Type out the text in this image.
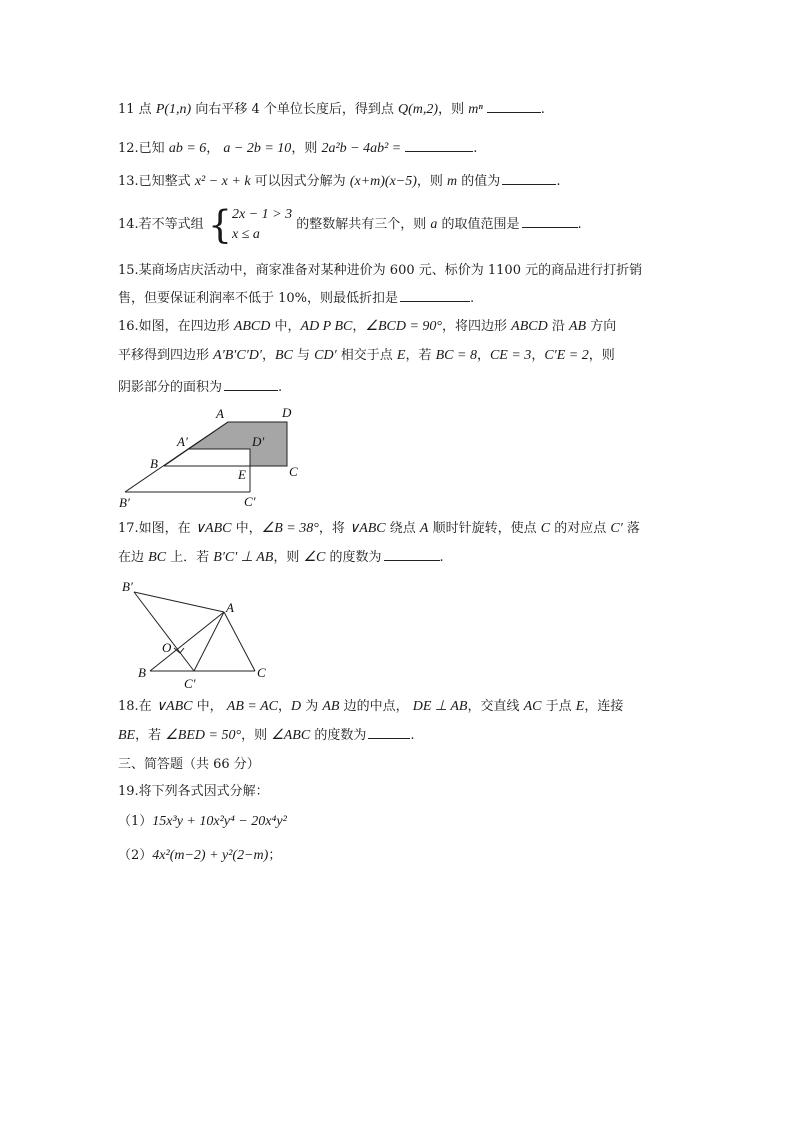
11 点 P(1,n) 向右平移 4 个单位长度后，得到点 Q(m,2)，则 mⁿ	.
12.已知 ab = 6， a − 2b = 10，则 2a²b − 4ab² =	.
13.已知整式 x² − x + k 可以因式分解为 (x+m)(x−5)，则 m 的值为	.
14.若不等式组 { 2x − 1 > 3
x ≤ a
的整数解共有三个，则 a 的取值范围是	.
15.某商场店庆活动中，商家准备对某种进价为 600 元、标价为 1100 元的商品进行打折销
售，但要保证利润率不低于 10%，则最低折扣是	.
16.如图，在四边形 ABCD 中，AD P BC，∠BCD = 90°，将四边形 ABCD 沿 AB 方向
平移得到四边形 A′B′C′D′，BC 与 CD′ 相交于点 E，若 BC = 8，CE = 3，C′E = 2，则
阴影部分的面积为	.
A	D
A′	D′
B
E	C
B′	C′
17.如图，在 ∨ABC 中，∠B = 38°，将 ∨ABC 绕点 A 顺时针旋转，使点 C 的对应点 C′ 落
在边 BC 上．若 B′C′ ⊥ AB，则 ∠C 的度数为	.
B′
A
O
B
C′
C
18.在 ∨ABC 中， AB = AC，D 为 AB 边的中点， DE ⊥ AB，交直线 AC 于点 E，连接
BE，若 ∠BED = 50°，则 ∠ABC 的度数为	.
三、简答题（共 66 分）
19.将下列各式因式分解：
（1）15x³y + 10x²y⁴ − 20x⁴y²
（2）4x²(m−2) + y²(2−m)；
